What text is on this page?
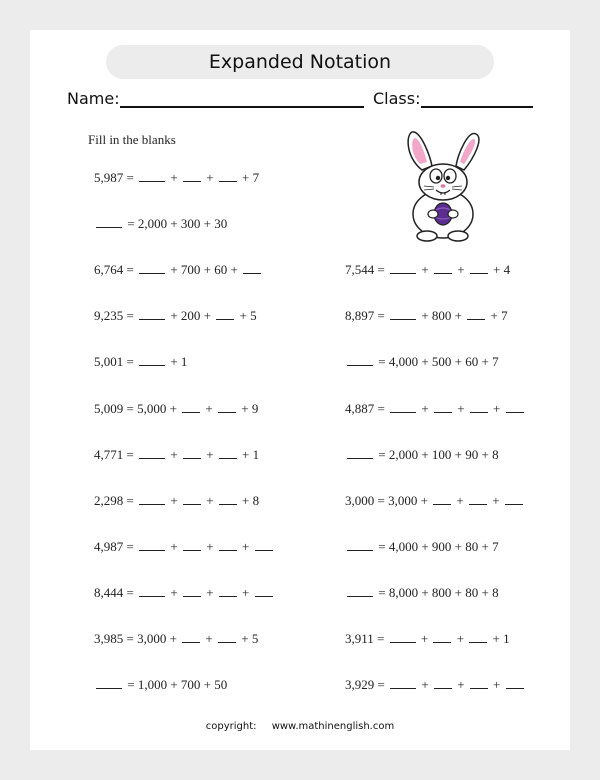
Expanded Notation
Name:	Class:
Fill in the blanks
5,987 =  +  +  + 7
= 2,000 + 300 + 30
6,764 =  + 700 + 60 +	7,544 =  +  +  + 4
9,235 =  + 200 +  + 5	8,897 =  + 800 +  + 7
5,001 =  + 1	= 4,000 + 500 + 60 + 7
5,009 = 5,000 +  +  + 9	4,887 =  +  +  +
4,771 =  +  +  + 1	= 2,000 + 100 + 90 + 8
2,298 =  +  +  + 8	3,000 = 3,000 +  +  +
4,987 =  +  +  +	= 4,000 + 900 + 80 + 7
8,444 =  +  +  +	= 8,000 + 800 + 80 + 8
3,985 = 3,000 +  +  + 5	3,911 =  +  +  + 1
= 1,000 + 700 + 50	3,929 =  +  +  +
copyright: www.mathinenglish.com
